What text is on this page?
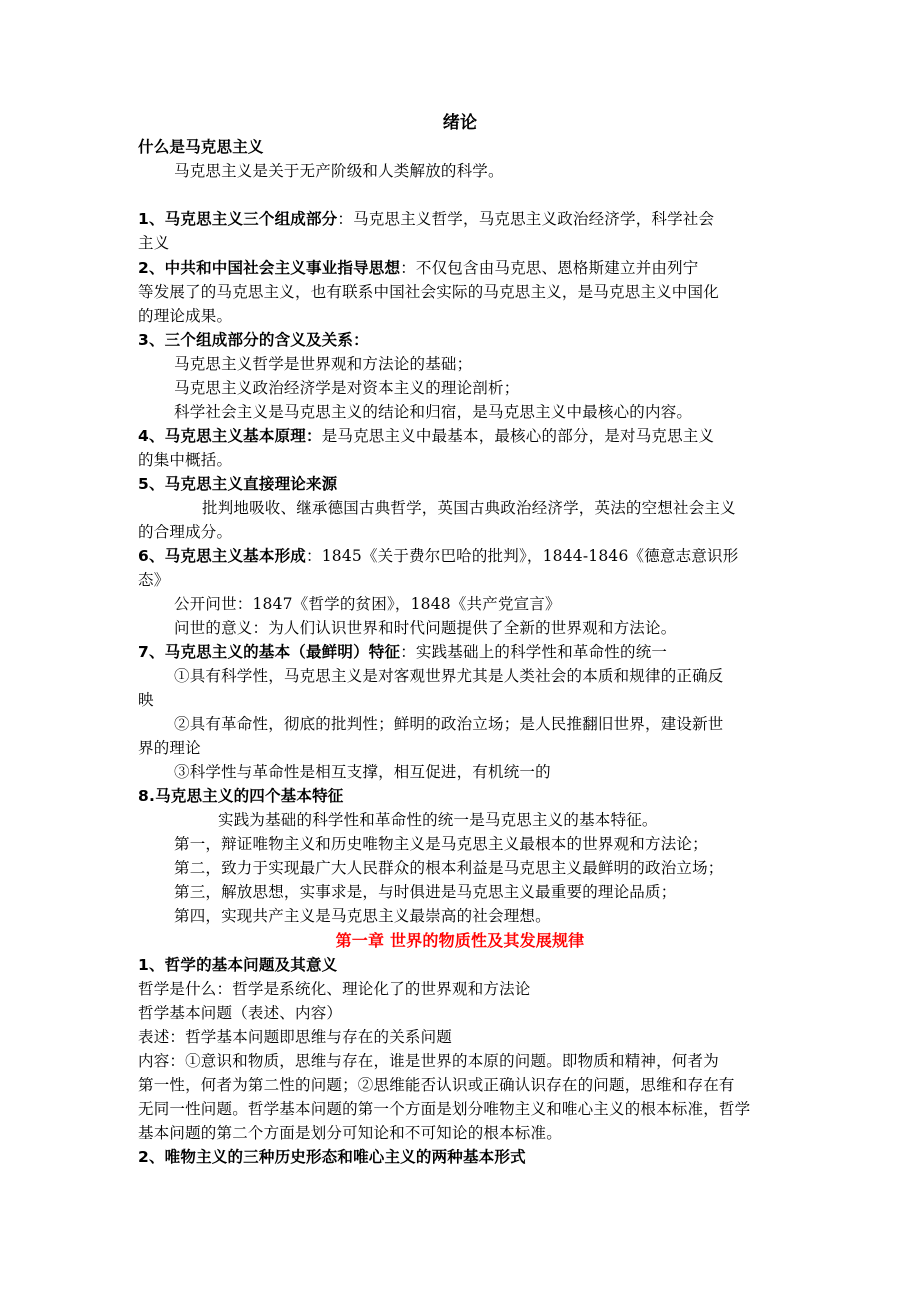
绪论

什么是马克思主义

马克思主义是关于无产阶级和人类解放的科学。

1、马克思主义三个组成部分：马克思主义哲学，马克思主义政治经济学，科学社会

主义

2、中共和中国社会主义事业指导思想：不仅包含由马克思、恩格斯建立并由列宁

等发展了的马克思主义，也有联系中国社会实际的马克思主义，是马克思主义中国化

的理论成果。

3、三个组成部分的含义及关系：

马克思主义哲学是世界观和方法论的基础；

马克思主义政治经济学是对资本主义的理论剖析；

科学社会主义是马克思主义的结论和归宿，是马克思主义中最核心的内容。

4、马克思主义基本原理：是马克思主义中最基本，最核心的部分，是对马克思主义

的集中概括。

5、马克思主义直接理论来源

批判地吸收、继承德国古典哲学，英国古典政治经济学，英法的空想社会主义

的合理成分。

6、马克思主义基本形成：1845《关于费尔巴哈的批判》，1844-1846《德意志意识形

态》

公开问世：1847《哲学的贫困》，1848《共产党宣言》

问世的意义：为人们认识世界和时代问题提供了全新的世界观和方法论。

7、马克思主义的基本（最鲜明）特征：实践基础上的科学性和革命性的统一

①具有科学性，马克思主义是对客观世界尤其是人类社会的本质和规律的正确反

映

②具有革命性，彻底的批判性；鲜明的政治立场；是人民推翻旧世界，建设新世

界的理论

③科学性与革命性是相互支撑，相互促进，有机统一的

8.马克思主义的四个基本特征

实践为基础的科学性和革命性的统一是马克思主义的基本特征。

第一，辩证唯物主义和历史唯物主义是马克思主义最根本的世界观和方法论；

第二，致力于实现最广大人民群众的根本利益是马克思主义最鲜明的政治立场；

第三，解放思想，实事求是，与时俱进是马克思主义最重要的理论品质；

第四，实现共产主义是马克思主义最崇高的社会理想。

第一章 世界的物质性及其发展规律

1、哲学的基本问题及其意义

哲学是什么：哲学是系统化、理论化了的世界观和方法论

哲学基本问题（表述、内容）

表述：哲学基本问题即思维与存在的关系问题

内容：①意识和物质，思维与存在，谁是世界的本原的问题。即物质和精神，何者为

第一性，何者为第二性的问题；②思维能否认识或正确认识存在的问题，思维和存在有

无同一性问题。哲学基本问题的第一个方面是划分唯物主义和唯心主义的根本标准，哲学

基本问题的第二个方面是划分可知论和不可知论的根本标准。

2、唯物主义的三种历史形态和唯心主义的两种基本形式
